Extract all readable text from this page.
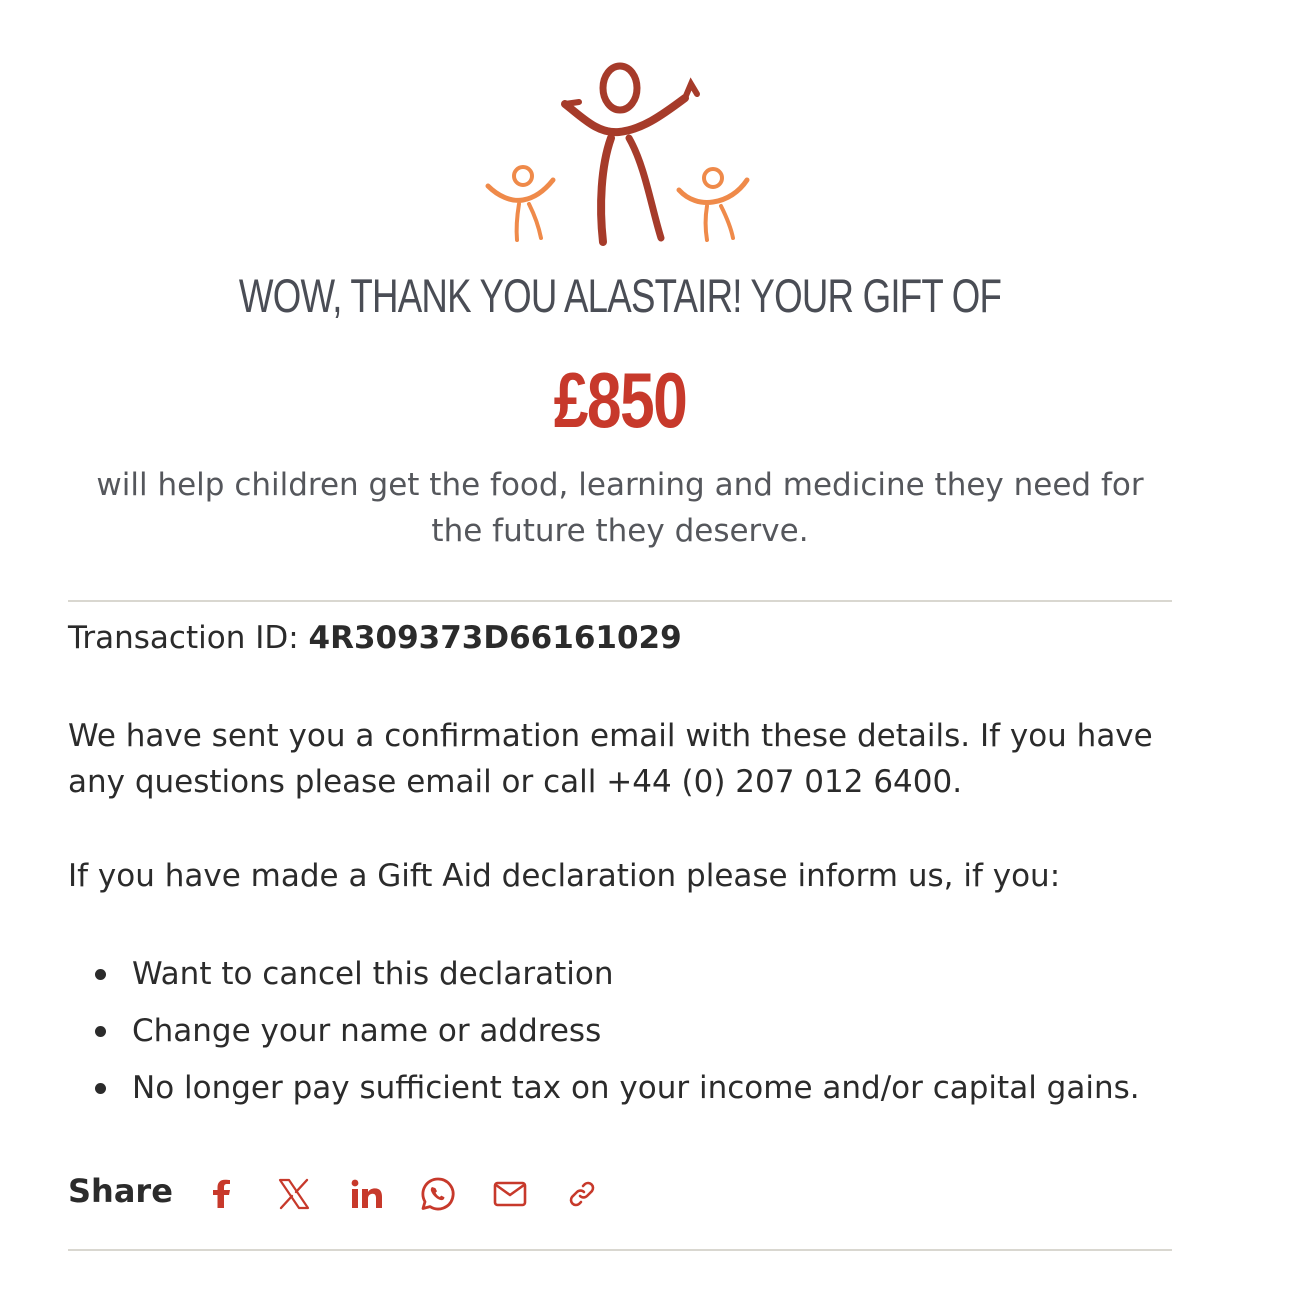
WOW, THANK YOU ALASTAIR! YOUR GIFT OF
£850
will help children get the food, learning and medicine they need for the future they deserve.
Transaction ID: 4R309373D66161029
We have sent you a confirmation email with these details. If you have any questions please email or call +44 (0) 207 012 6400.
If you have made a Gift Aid declaration please inform us, if you:
Want to cancel this declaration
Change your name or address
No longer pay sufficient tax on your income and/or capital gains.
Share
